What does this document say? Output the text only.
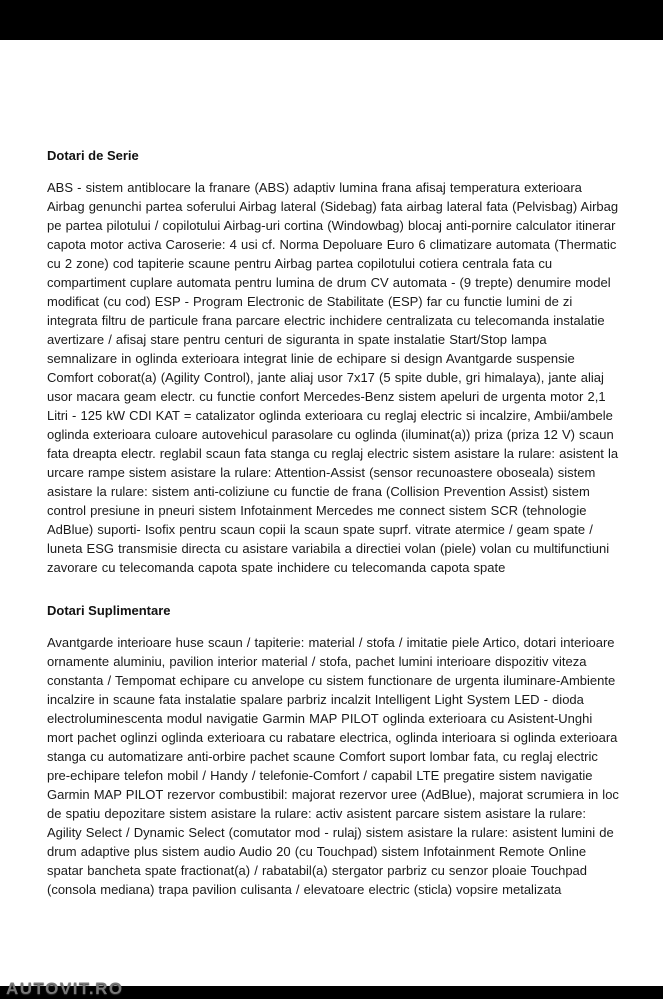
Dotari de Serie

ABS - sistem antiblocare la franare (ABS) adaptiv lumina frana afisaj temperatura exterioara Airbag genunchi partea soferului Airbag lateral (Sidebag) fata airbag lateral fata (Pelvisbag) Airbag pe partea pilotului / copilotului Airbag-uri cortina (Windowbag) blocaj anti-pornire calculator itinerar capota motor activa Caroserie: 4 usi cf. Norma Depoluare Euro 6 climatizare automata (Thermatic cu 2 zone) cod tapiterie scaune pentru Airbag partea copilotului cotiera centrala fata cu compartiment cuplare automata pentru lumina de drum CV automata - (9 trepte) denumire model modificat (cu cod) ESP - Program Electronic de Stabilitate (ESP) far cu functie lumini de zi integrata filtru de particule frana parcare electric inchidere centralizata cu telecomanda instalatie avertizare / afisaj stare pentru centuri de siguranta in spate instalatie Start/Stop lampa semnalizare in oglinda exterioara integrat linie de echipare si design Avantgarde suspensie Comfort coborat(a) (Agility Control), jante aliaj usor 7x17 (5 spite duble, gri himalaya), jante aliaj usor macara geam electr. cu functie confort Mercedes-Benz sistem apeluri de urgenta motor 2,1 Litri - 125 kW CDI KAT = catalizator oglinda exterioara cu reglaj electric si incalzire, Ambii/ambele oglinda exterioara culoare autovehicul parasolare cu oglinda (iluminat(a)) priza (priza 12 V) scaun fata dreapta electr. reglabil scaun fata stanga cu reglaj electric sistem asistare la rulare: asistent la urcare rampe sistem asistare la rulare: Attention-Assist (sensor recunoastere oboseala) sistem asistare la rulare: sistem anti-coliziune cu functie de frana (Collision Prevention Assist) sistem control presiune in pneuri sistem Infotainment Mercedes me connect sistem SCR (tehnologie AdBlue) suporti- Isofix pentru scaun copii la scaun spate suprf. vitrate atermice / geam spate / luneta ESG transmisie directa cu asistare variabila a directiei volan (piele) volan cu multifunctiuni zavorare cu telecomanda capota spate inchidere cu telecomanda capota spate

Dotari Suplimentare

Avantgarde interioare huse scaun / tapiterie: material / stofa / imitatie piele Artico, dotari interioare ornamente aluminiu, pavilion interior material / stofa, pachet lumini interioare dispozitiv viteza constanta / Tempomat echipare cu anvelope cu sistem functionare de urgenta iluminare-Ambiente incalzire in scaune fata instalatie spalare parbriz incalzit Intelligent Light System LED - dioda electroluminescenta modul navigatie Garmin MAP PILOT oglinda exterioara cu Asistent-Unghi mort pachet oglinzi oglinda exterioara cu rabatare electrica, oglinda interioara si oglinda exterioara stanga cu automatizare anti-orbire pachet scaune Comfort suport lombar fata, cu reglaj electric pre-echipare telefon mobil / Handy / telefonie-Comfort / capabil LTE pregatire sistem navigatie Garmin MAP PILOT rezervor combustibil: majorat rezervor uree (AdBlue), majorat scrumiera in loc de spatiu depozitare sistem asistare la rulare: activ asistent parcare sistem asistare la rulare: Agility Select / Dynamic Select (comutator mod - rulaj) sistem asistare la rulare: asistent lumini de drum adaptive plus sistem audio Audio 20 (cu Touchpad) sistem Infotainment Remote Online spatar bancheta spate fractionat(a) / rabatabil(a) stergator parbriz cu senzor ploaie Touchpad (consola mediana) trapa pavilion culisanta / elevatoare electric (sticla) vopsire metalizata

AUTOVIT.RO
